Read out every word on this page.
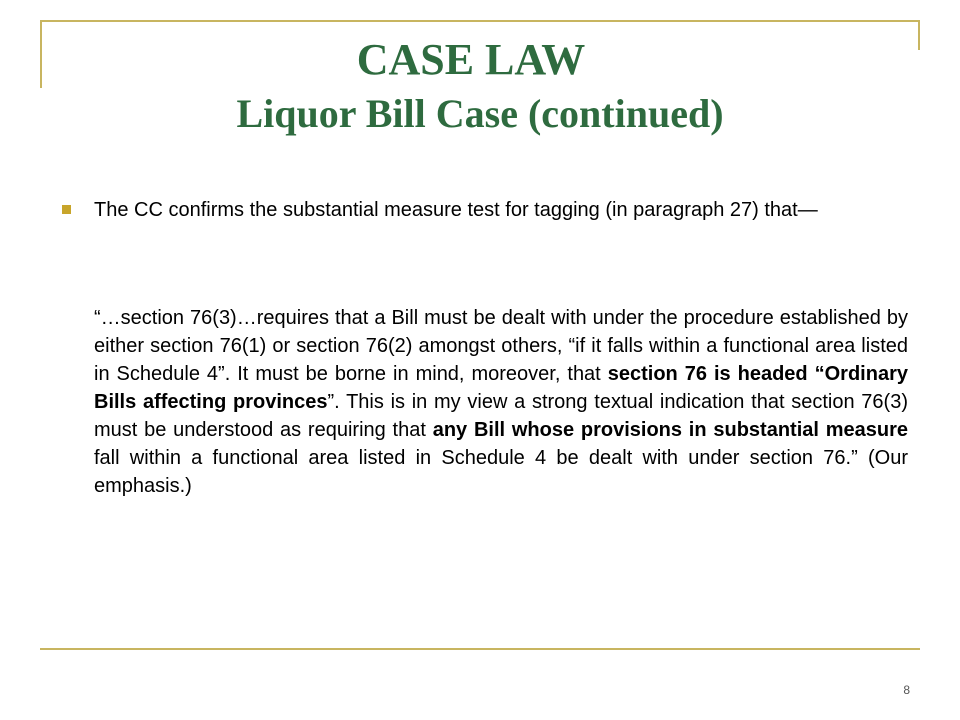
CASE LAW
Liquor Bill Case (continued)
The CC confirms the substantial measure test for tagging (in paragraph 27) that—
“…section 76(3)…requires that a Bill must be dealt with under the procedure established by either section 76(1) or section 76(2) amongst others, “if it falls within a functional area listed in Schedule 4”. It must be borne in mind, moreover, that section 76 is headed “Ordinary Bills affecting provinces”. This is in my view a strong textual indication that section 76(3) must be understood as requiring that any Bill whose provisions in substantial measure fall within a functional area listed in Schedule 4 be dealt with under section 76.” (Our emphasis.)
8
